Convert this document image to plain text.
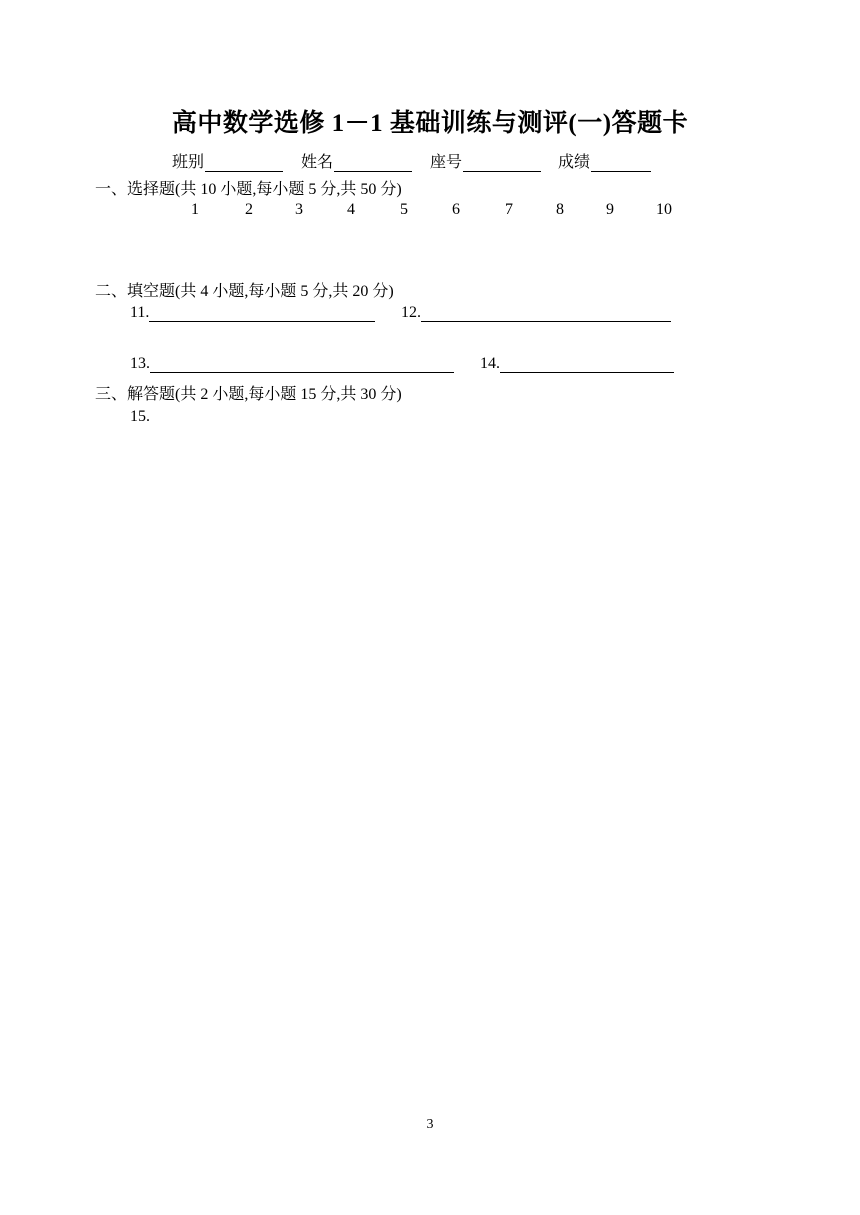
高中数学选修 1－1 基础训练与测评(一)答题卡
班别	姓名	座号	成绩
一、选择题(共 10 小题,每小题 5 分,共 50 分)
1	2	3	4	5	6	7	8	9	10
二、填空题(共 4 小题,每小题 5 分,共 20 分)
11.	12.
13.	14.
三、解答题(共 2 小题,每小题 15 分,共 30 分)
15.
3
